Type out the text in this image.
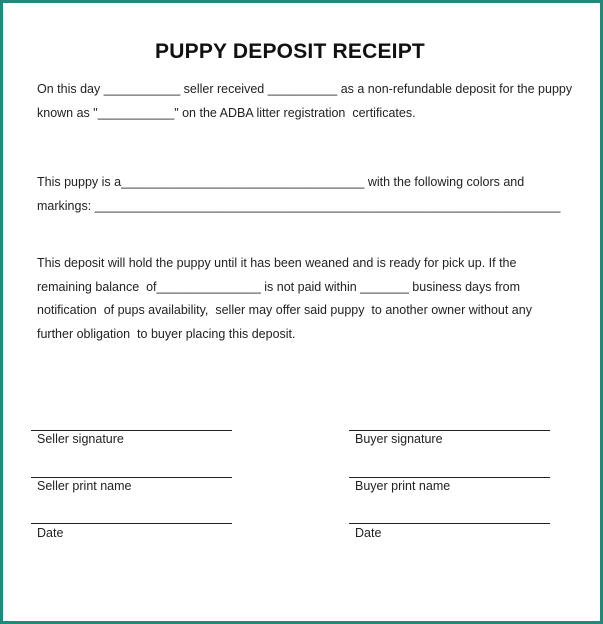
PUPPY DEPOSIT RECEIPT

On this day ___________ seller received __________ as a non-refundable deposit for the puppy
known as "___________" on the ADBA litter registration  certificates.

This puppy is a___________________________________ with the following colors and
markings: ___________________________________________________________________

This deposit will hold the puppy until it has been weaned and is ready for pick up. If the
remaining balance  of_______________ is not paid within _______ business days from
notification  of pups availability,  seller may offer said puppy  to another owner without any
further obligation  to buyer placing this deposit.

Seller signature
Seller print name
Date
Buyer signature
Buyer print name
Date
